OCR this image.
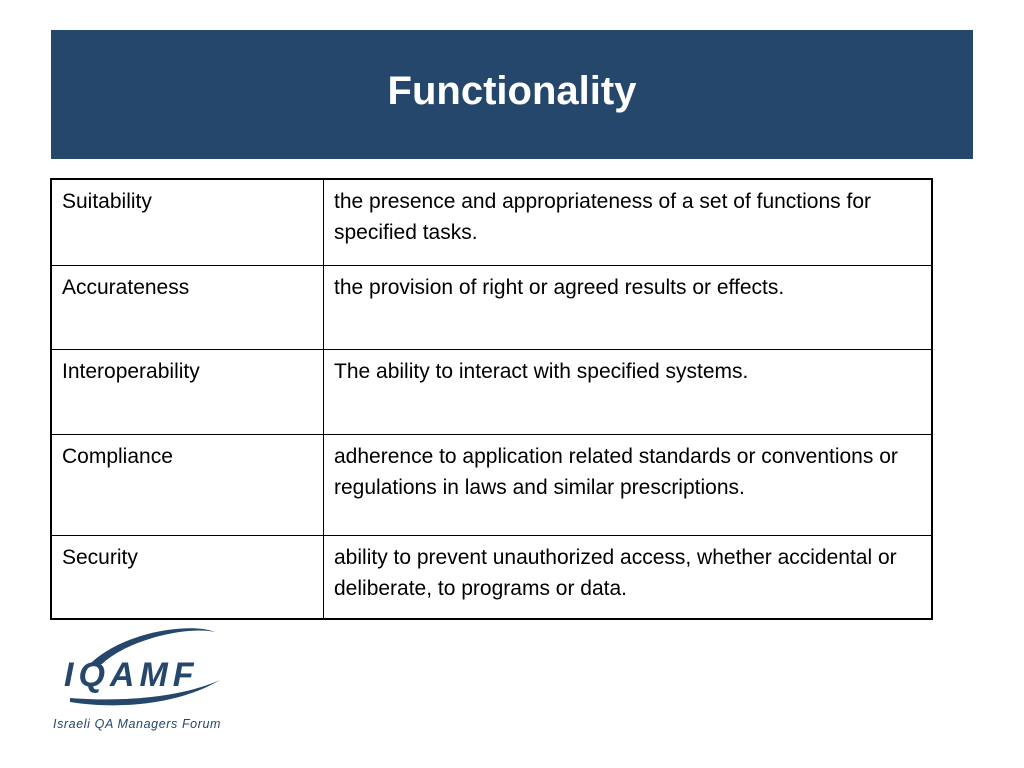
Functionality
Suitability	the presence and appropriateness of a set of functions for specified tasks.
Accurateness	the provision of right or agreed results or effects.
Interoperability	The ability to interact with specified systems.
Compliance	adherence to application related standards or conventions or regulations in laws and similar prescriptions.
Security	ability to prevent unauthorized access, whether accidental or deliberate, to programs or data.
IQAMF
Israeli QA Managers Forum
